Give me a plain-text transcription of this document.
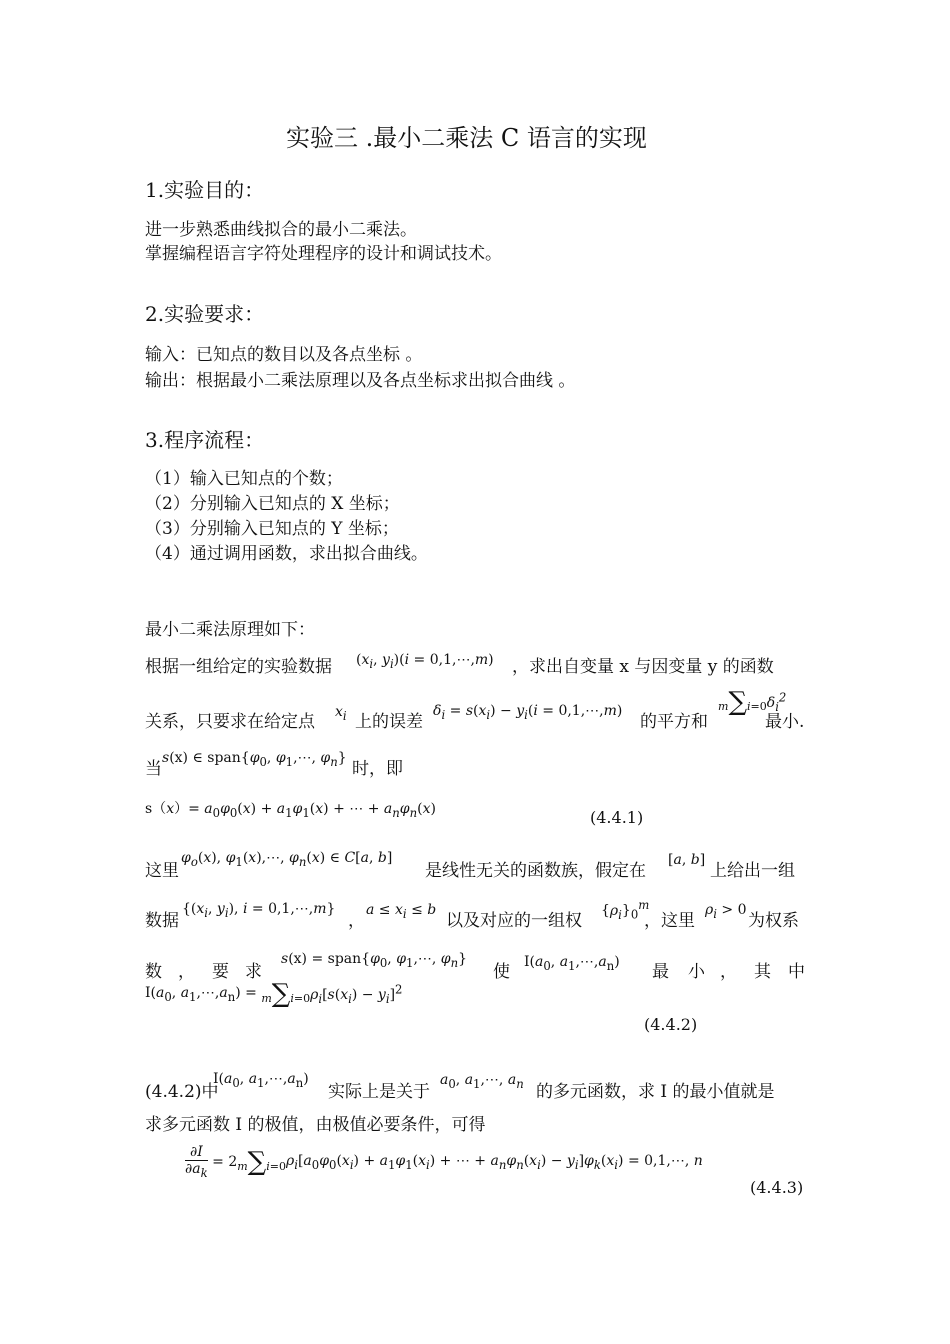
实验三 .最小二乘法 C 语言的实现
1.实验目的：
进一步熟悉曲线拟合的最小二乘法。
掌握编程语言字符处理程序的设计和调试技术。
2.实验要求：
输入：已知点的数目以及各点坐标 。
输出：根据最小二乘法原理以及各点坐标求出拟合曲线 。
3.程序流程：
（1）输入已知点的个数；
（2）分别输入已知点的 X 坐标；
（3）分别输入已知点的 Y 坐标；
（4）通过调用函数，求出拟合曲线。
最小二乘法原理如下：
根据一组给定的实验数据 ($x_i$, $y_i)(i$ = 0,1,⋯,m) ，求出自变量 x 与因变量 y 的函数
关系，只要求在给定点 $x_i$ 上的误差
$\delta_i = s(x_i) - y_i(i$ = 0,1,⋯,m)
的平方和
$m\sum i=0\delta_i^2$
最小.
当
s(x) ∈ $span\{\varphi_0$, $\varphi_1,\cdots$, $\varphi_n$}
时，即
$s(x)= a_0\varphi_0(x) + a_1\varphi_1(x)$ + ⋯ + $a_n\varphi_n(x)$	(4.4.1)
这里
$\varphi_o(x)$, $\varphi_1(x),\cdots$, $\varphi_n(x)$ ∈ C[a, b]
是线性无关的函数族，假定在
[a, b]
上给出一组
数据
{($x_i$, $y_i$), i = 0,1,⋯,m}
，
$a \le x_i \le b$
以及对应的一组权
$\{\rho_i\}_0^m$
，这里
$\rho_i > 0$
为权系
数 ， 要 求
$s(x) = span\{\varphi_0$, $\varphi_1,\cdots$, $\varphi_n$}
使 $I(a_0$, $a_1,\cdots,a_n$) 最 小 ， 其 中
$I(a_0$, $a_1,\cdots,a_n) = m\sum i=0\rho_i[s(x_i) - y_i]^2$
(4.4.2)
(4.4.2)中
$I(a_0$, $a_1,\cdots,a_n$)
实际上是关于
$a_0$, $a_1,\cdots$, $a_n$ 的多元函数，求 I 的最小值就是
求多元函数 I 的极值，由极值必要条件，可得
$\frac{\partial I}{\partial a_k} = 2m\sum i=0\rho_i[a_0\varphi_0(x_i) + a_1\varphi_1(x_i)$ + ⋯ + $a_n\varphi_n(x_i) - y_i]\varphi_k(x_i)$ = 0,1,⋯, n
(4.4.3)
